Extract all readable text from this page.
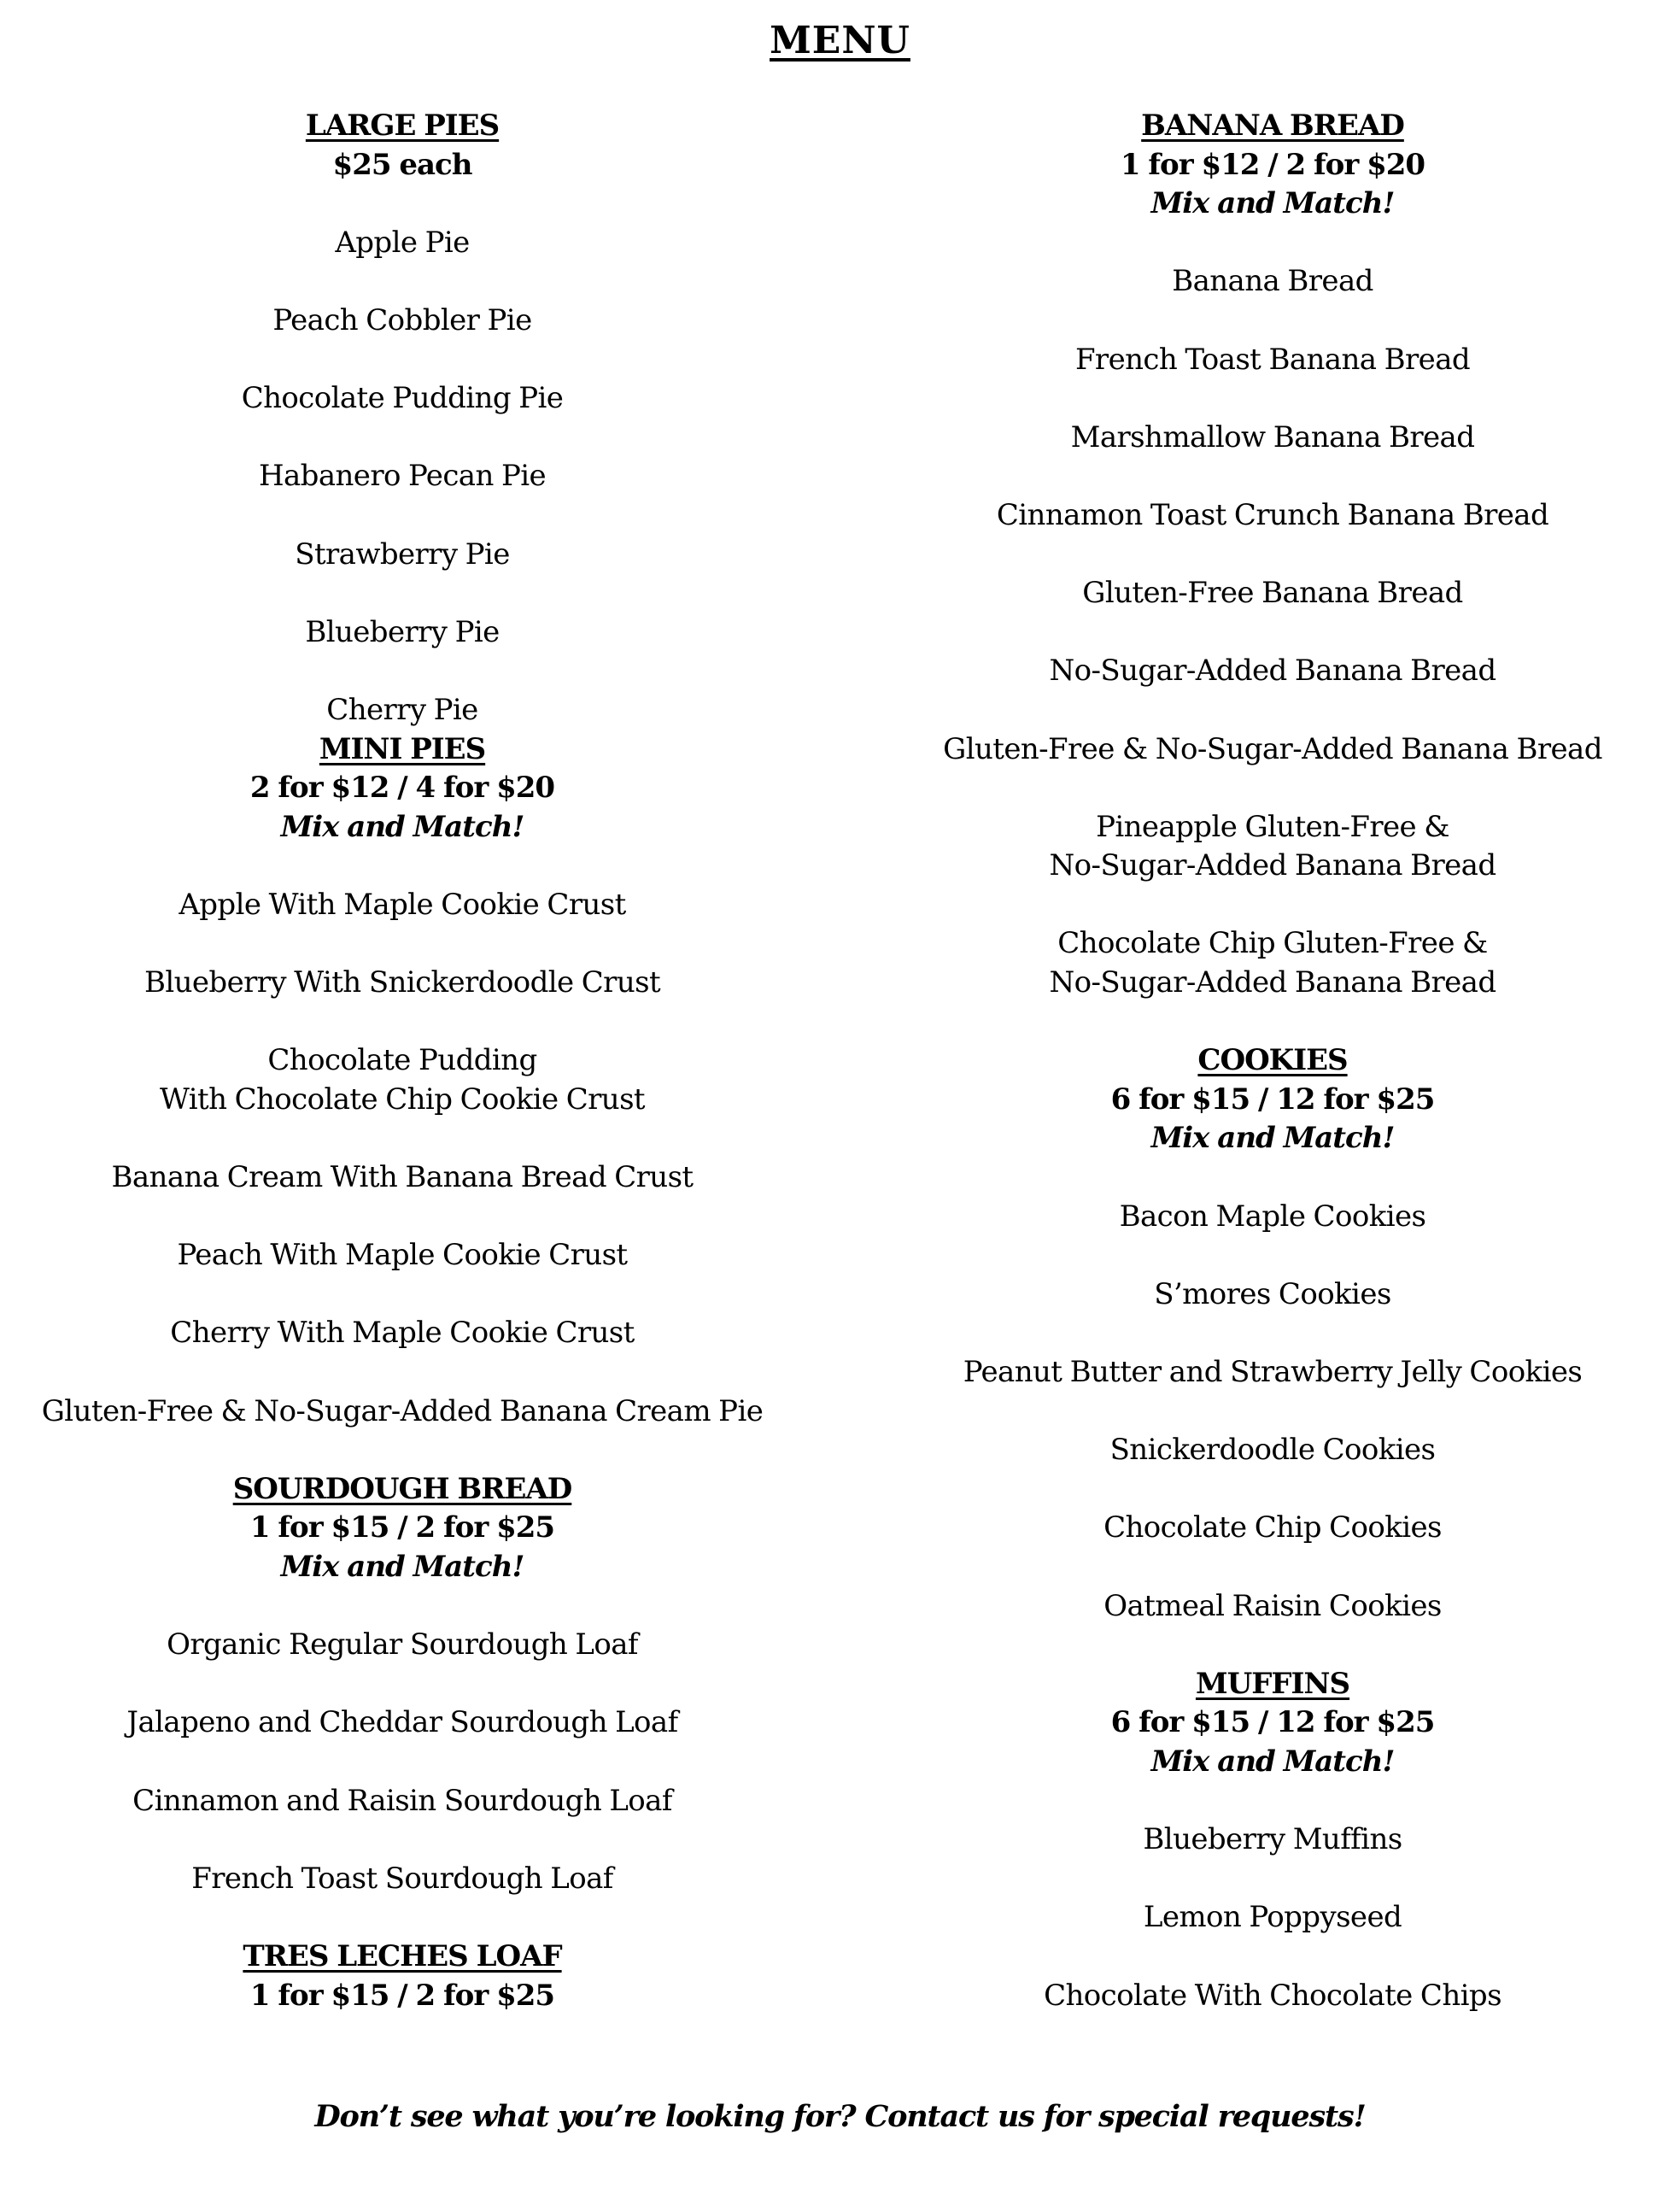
MENU
LARGE PIES
$25 each
Apple Pie
Peach Cobbler Pie
Chocolate Pudding Pie
Habanero Pecan Pie
Strawberry Pie
Blueberry Pie
Cherry Pie
MINI PIES
2 for $12 / 4 for $20
Mix and Match!
Apple With Maple Cookie Crust
Blueberry With Snickerdoodle Crust
Chocolate Pudding
With Chocolate Chip Cookie Crust
Banana Cream With Banana Bread Crust
Peach With Maple Cookie Crust
Cherry With Maple Cookie Crust
Gluten-Free & No-Sugar-Added Banana Cream Pie
SOURDOUGH BREAD
1 for $15 / 2 for $25
Mix and Match!
Organic Regular Sourdough Loaf
Jalapeno and Cheddar Sourdough Loaf
Cinnamon and Raisin Sourdough Loaf
French Toast Sourdough Loaf
TRES LECHES LOAF
1 for $15 / 2 for $25
BANANA BREAD
1 for $12 / 2 for $20
Mix and Match!
Banana Bread
French Toast Banana Bread
Marshmallow Banana Bread
Cinnamon Toast Crunch Banana Bread
Gluten-Free Banana Bread
No-Sugar-Added Banana Bread
Gluten-Free & No-Sugar-Added Banana Bread
Pineapple Gluten-Free &
No-Sugar-Added Banana Bread
Chocolate Chip Gluten-Free &
No-Sugar-Added Banana Bread
COOKIES
6 for $15 / 12 for $25
Mix and Match!
Bacon Maple Cookies
S’mores Cookies
Peanut Butter and Strawberry Jelly Cookies
Snickerdoodle Cookies
Chocolate Chip Cookies
Oatmeal Raisin Cookies
MUFFINS
6 for $15 / 12 for $25
Mix and Match!
Blueberry Muffins
Lemon Poppyseed
Chocolate With Chocolate Chips
Don’t see what you’re looking for? Contact us for special requests!
